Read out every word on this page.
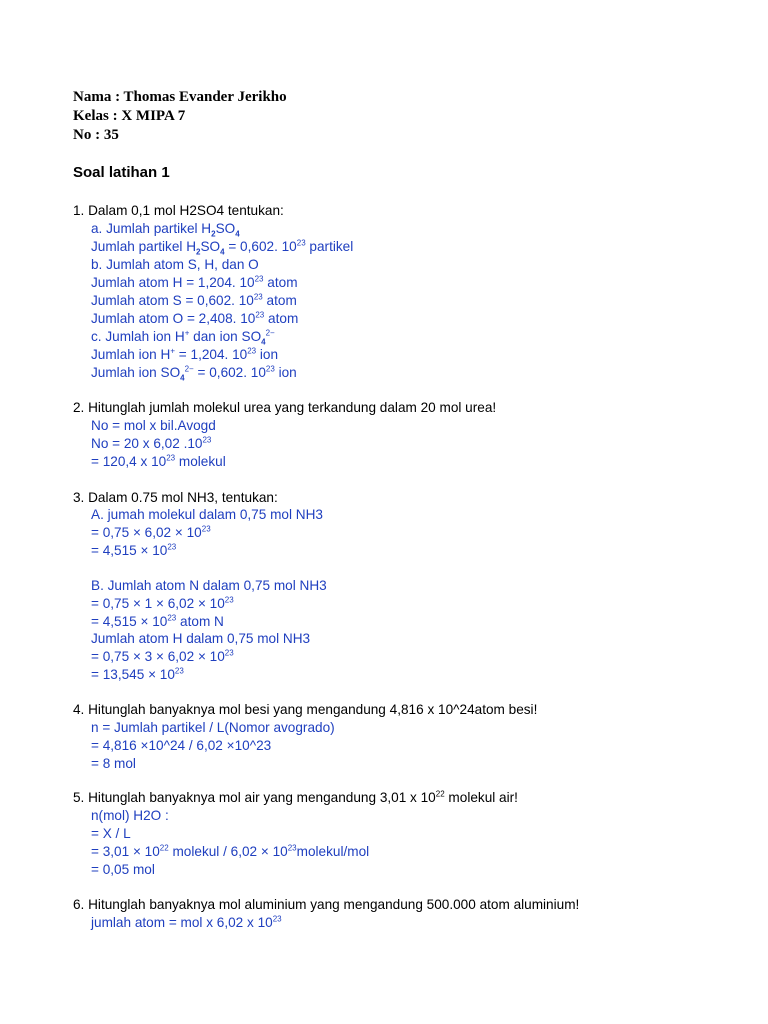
Nama : Thomas Evander Jerikho
Kelas : X MIPA 7
No : 35
Soal latihan 1
1. Dalam 0,1 mol H2SO4 tentukan:
a. Jumlah partikel $H_2SO_4$
Jumlah partikel $H_2SO_4 = 0,602$. $10^{23}$ partikel
b. Jumlah atom S, H, dan O
Jumlah atom H = 1,204. $10^{23}$ atom
Jumlah atom S = 0,602. $10^{23}$ atom
Jumlah atom O = 2,408. $10^{23}$ atom
c. Jumlah ion H+ dan ion $SO_4^{2-}$
Jumlah ion H+ = 1,204. $10^{23}$ ion
Jumlah ion $SO_4^{2-} = 0,602$. $10^{23}$ ion
2. Hitunglah jumlah molekul urea yang terkandung dalam 20 mol urea!
No = mol x bil.Avogd
No = 20 x 6,02 $.10^{23}$
= 120,4 x $10^{23}$ molekul
3. Dalam 0.75 mol NH3, tentukan:
A. jumah molekul dalam 0,75 mol NH3
= $0,75 \times 6,02 \times 10^{23}$
= $4,515 \times 10^{23}$
B. Jumlah atom N dalam 0,75 mol NH3
= $0,75 \times 1 \times 6,02 \times 10^{23}$
= $4,515 \times 10^{23}$ atom N
Jumlah atom H dalam 0,75 mol NH3
= $0,75 \times 3 \times 6,02 \times 10^{23}$
= $13,545 \times 10^{23}$
4. Hitunglah banyaknya mol besi yang mengandung 4,816 x 10^24atom besi!
n = Jumlah partikel / L(Nomor avogrado)
= 4,816 ×10^24 / 6,02 ×10^23
= 8 mol
5. Hitunglah banyaknya mol air yang mengandung 3,01 x $10^{22}$ molekul air!
n(mol) H2O :
= X / L
= $3,01 \times 10^{22}$ molekul / $6,02 \times 10^{23}molekul$/mol
= 0,05 mol
6. Hitunglah banyaknya mol aluminium yang mengandung 500.000 atom aluminium!
jumlah atom = mol x 6,02 x $10^{23}$
